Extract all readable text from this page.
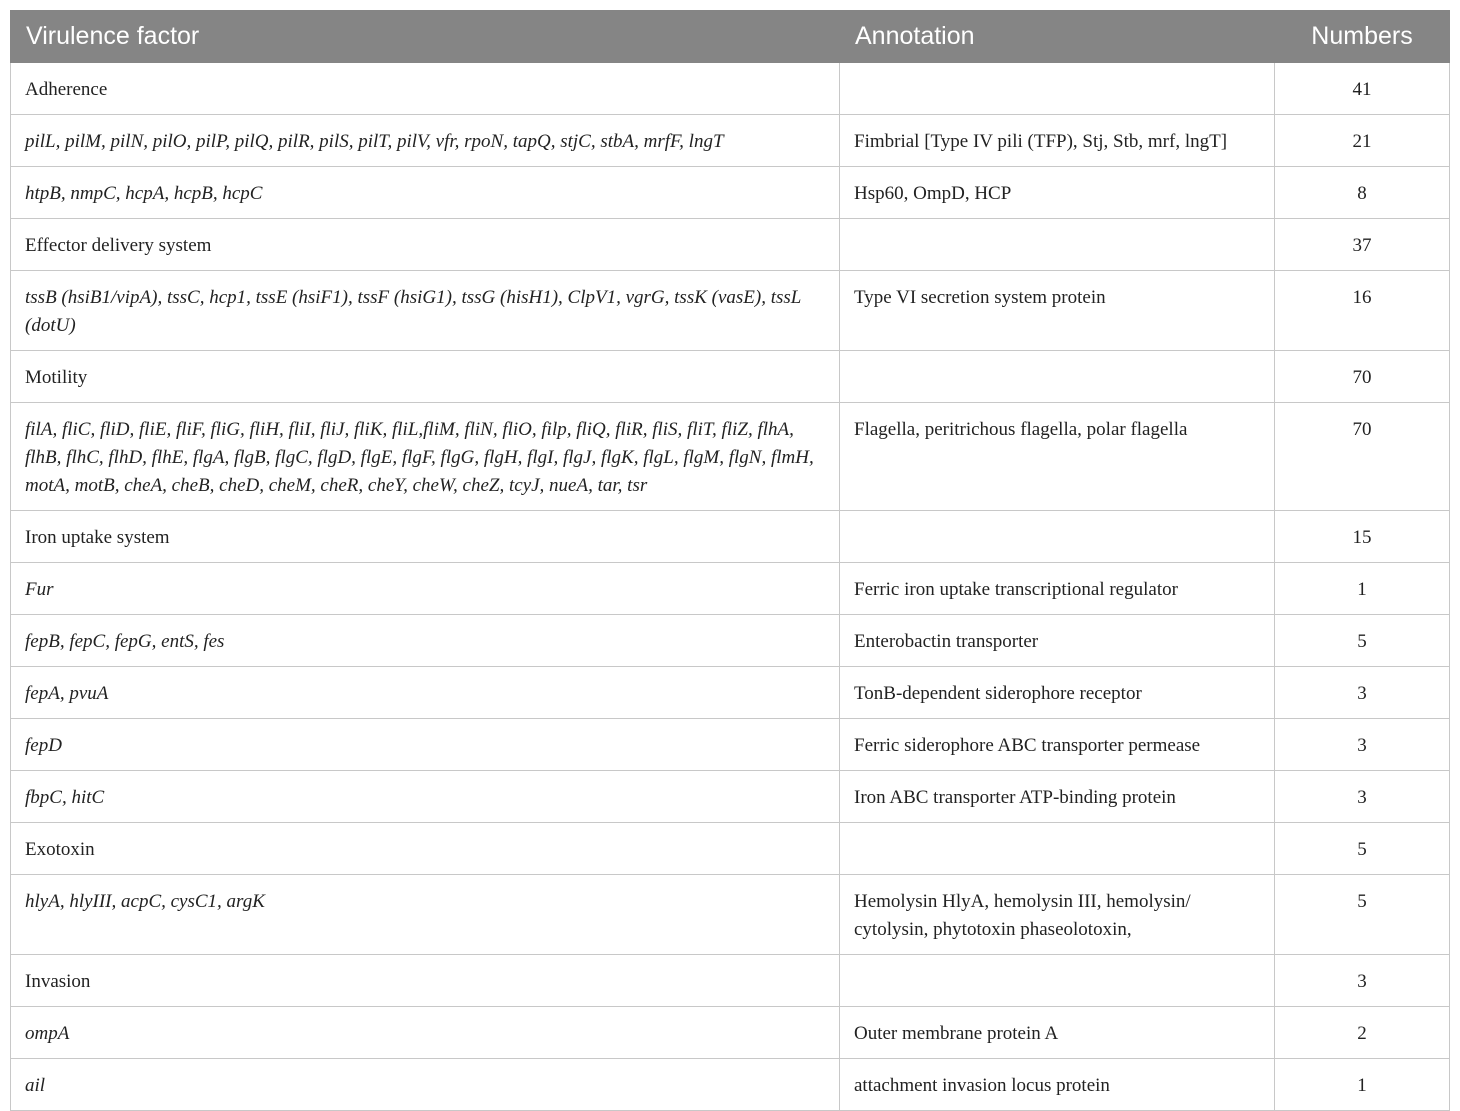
Virulence factor	Annotation	Numbers
Adherence		41
pilL, pilM, pilN, pilO, pilP, pilQ, pilR, pilS, pilT, pilV, vfr, rpoN, tapQ, stjC, stbA, mrfF, lngT	Fimbrial [Type IV pili (TFP), Stj, Stb, mrf, lngT]	21
htpB, nmpC, hcpA, hcpB, hcpC	Hsp60, OmpD, HCP	8
Effector delivery system		37
tssB (hsiB1/vipA), tssC, hcp1, tssE (hsiF1), tssF (hsiG1), tssG (hisH1), ClpV1, vgrG, tssK (vasE), tssL (dotU)	Type VI secretion system protein	16
Motility		70
filA, fliC, fliD, fliE, fliF, fliG, fliH, fliI, fliJ, fliK, fliL,fliM, fliN, fliO, filp, fliQ, fliR, fliS, fliT, fliZ, flhA, flhB, flhC, flhD, flhE, flgA, flgB, flgC, flgD, flgE, flgF, flgG, flgH, flgI, flgJ, flgK, flgL, flgM, flgN, flmH, motA, motB, cheA, cheB, cheD, cheM, cheR, cheY, cheW, cheZ, tcyJ, nueA, tar, tsr	Flagella, peritrichous flagella, polar flagella	70
Iron uptake system		15
Fur	Ferric iron uptake transcriptional regulator	1
fepB, fepC, fepG, entS, fes	Enterobactin transporter	5
fepA, pvuA	TonB-dependent siderophore receptor	3
fepD	Ferric siderophore ABC transporter permease	3
fbpC, hitC	Iron ABC transporter ATP-binding protein	3
Exotoxin		5
hlyA, hlyIII, acpC, cysC1, argK	Hemolysin HlyA, hemolysin III, hemolysin/ cytolysin, phytotoxin phaseolotoxin,	5
Invasion		3
ompA	Outer membrane protein A	2
ail	attachment invasion locus protein	1
